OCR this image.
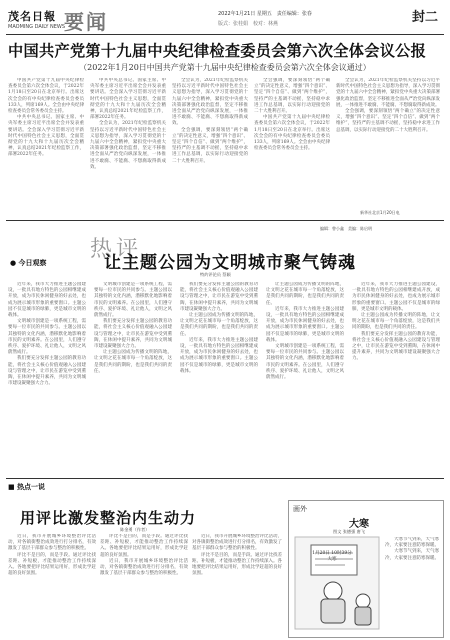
茂名日報
MAOMING DAILY NEWS
要闻	2022年1月21日 星期五　责任编辑：张春
版式：张桂娟　校对：林燕	封二
中国共产党第十九届中央纪律检查委员会第六次全体会议公报
（2022年1月20日中国共产党第十九届中央纪律检查委员会第六次全体会议通过）

中国共产党第十九届中央纪律检查委员会第六次全体会议，于2022年1月18日至20日在北京举行。出席这次全会的有中央纪律检查委员会委员133人，列席169人。全会由中央纪律检查委员会常务委员会主持。

中共中央总书记、国家主席、中央军委主席习近平出席全会并发表重要讲话。全会深入学习贯彻习近平新时代中国特色社会主义思想，全面贯彻党的十九大和十九届历次全会精神，认真总结2021年纪检监察工作，部署2022年任务。

中共中央总书记、国家主席、中央军委主席习近平出席全会并发表重要讲话。全会深入学习贯彻习近平新时代中国特色社会主义思想，全面贯彻党的十九大和十九届历次全会精神，认真总结2021年纪检监察工作，部署2022年任务。

全会认为，2021年纪检监察机关坚持以习近平新时代中国特色社会主义思想为指导，深入学习贯彻党的十九届六中全会精神，紧扣党中央重大决策部署强化政治监督，坚定不移推进全面从严治党向纵深发展，一体推进不敢腐、不能腐、不想腐取得新成效。

全会认为，2021年纪检监察机关坚持以习近平新时代中国特色社会主义思想为指导，深入学习贯彻党的十九届六中全会精神，紧扣党中央重大决策部署强化政治监督，坚定不移推进全面从严治党向纵深发展，一体推进不敢腐、不能腐、不想腐取得新成效。

全会强调，要深刻领悟“两个确立”的决定性意义，增强“四个意识”、坚定“四个自信”、做到“两个维护”，坚持严的主基调不动摇，坚持稳中求进工作总基调，以实际行动迎接党的二十大胜利召开。

全会强调，要深刻领悟“两个确立”的决定性意义，增强“四个意识”、坚定“四个自信”、做到“两个维护”，坚持严的主基调不动摇，坚持稳中求进工作总基调，以实际行动迎接党的二十大胜利召开。

中国共产党第十九届中央纪律检查委员会第六次全体会议，于2022年1月18日至20日在北京举行。出席这次全会的有中央纪律检查委员会委员133人，列席169人。全会由中央纪律检查委员会常务委员会主持。

全会认为，2021年纪检监察机关坚持以习近平新时代中国特色社会主义思想为指导，深入学习贯彻党的十九届六中全会精神，紧扣党中央重大决策部署强化政治监督，坚定不移推进全面从严治党向纵深发展，一体推进不敢腐、不能腐、不想腐取得新成效。

全会强调，要深刻领悟“两个确立”的决定性意义，增强“四个意识”、坚定“四个自信”、做到“两个维护”，坚持严的主基调不动摇，坚持稳中求进工作总基调，以实际行动迎接党的二十大胜利召开。

新华社北京1月20日电
热评
编辑：曾小鑫　美编：陈启明
● 今日观察	让主题公园为文明城市聚气铸魂
特约评论员 蔡颖

近年来，我市大力推进主题公园建设，一批具有地方特色的公园相继建成开放，成为市民休闲健身的好去处，也成为展示城市形象的重要窗口。主题公园不仅是城市的绿肺，更是城市文明的载体。

文明城市创建是一项系统工程，需要每一位市民的共同参与。主题公园以其独特的文化内涵，潜移默化地影响着市民的文明素养。在公园里，人们遵守秩序、爱护环境、礼让他人，文明之风蔚然成行。

我们要充分发挥主题公园的教育功能，将社会主义核心价值观融入公园建设与管理之中，让市民在游览中受到熏陶，在休闲中提升素养，共同为文明城市建设凝聚强大合力。

文明城市创建是一项系统工程，需要每一位市民的共同参与。主题公园以其独特的文化内涵，潜移默化地影响着市民的文明素养。在公园里，人们遵守秩序、爱护环境、礼让他人，文明之风蔚然成行。

我们要充分发挥主题公园的教育功能，将社会主义核心价值观融入公园建设与管理之中，让市民在游览中受到熏陶，在休闲中提升素养，共同为文明城市建设凝聚强大合力。

让主题公园成为传播文明的阵地，让文明之花在城市每一个角落绽放，这是我们共同的期盼，也是我们共同的责任。

我们要充分发挥主题公园的教育功能，将社会主义核心价值观融入公园建设与管理之中，让市民在游览中受到熏陶，在休闲中提升素养，共同为文明城市建设凝聚强大合力。

让主题公园成为传播文明的阵地，让文明之花在城市每一个角落绽放，这是我们共同的期盼，也是我们共同的责任。

近年来，我市大力推进主题公园建设，一批具有地方特色的公园相继建成开放，成为市民休闲健身的好去处，也成为展示城市形象的重要窗口。主题公园不仅是城市的绿肺，更是城市文明的载体。

让主题公园成为传播文明的阵地，让文明之花在城市每一个角落绽放，这是我们共同的期盼，也是我们共同的责任。

近年来，我市大力推进主题公园建设，一批具有地方特色的公园相继建成开放，成为市民休闲健身的好去处，也成为展示城市形象的重要窗口。主题公园不仅是城市的绿肺，更是城市文明的载体。

文明城市创建是一项系统工程，需要每一位市民的共同参与。主题公园以其独特的文化内涵，潜移默化地影响着市民的文明素养。在公园里，人们遵守秩序、爱护环境、礼让他人，文明之风蔚然成行。

近年来，我市大力推进主题公园建设，一批具有地方特色的公园相继建成开放，成为市民休闲健身的好去处，也成为展示城市形象的重要窗口。主题公园不仅是城市的绿肺，更是城市文明的载体。

让主题公园成为传播文明的阵地，让文明之花在城市每一个角落绽放，这是我们共同的期盼，也是我们共同的责任。

我们要充分发挥主题公园的教育功能，将社会主义核心价值观融入公园建设与管理之中，让市民在游览中受到熏陶，在休闲中提升素养，共同为文明城市建设凝聚强大合力。

■ 热点一说
用评比激发整治内生动力
陈金勇（作者）

近日，我市开展城乡环境整治评比活动，对各镇街整治成效进行打分排名，有效激发了基层干部群众参与整治的积极性。

评比不是目的，而是手段。通过评比找差距、补短板，才能推动整治工作持续深入。各地要把评比结果运用好，形成比学赶超的良好氛围。

评比不是目的，而是手段。通过评比找差距、补短板，才能推动整治工作持续深入。各地要把评比结果运用好，形成比学赶超的良好氛围。

近日，我市开展城乡环境整治评比活动，对各镇街整治成效进行打分排名，有效激发了基层干部群众参与整治的积极性。

近日，我市开展城乡环境整治评比活动，对各镇街整治成效进行打分排名，有效激发了基层干部群众参与整治的积极性。

评比不是目的，而是手段。通过评比找差距、补短板，才能推动整治工作持续深入。各地要把评比结果运用好，形成比学赶超的良好氛围。

画外
大寒
图文 张德强 唐飞
1月20日 10时39分 大寒

大寒节气到来，天气寒冷，大家要注意防寒保暖。

大寒节气到来，天气寒冷，大家要注意防寒保暖。
